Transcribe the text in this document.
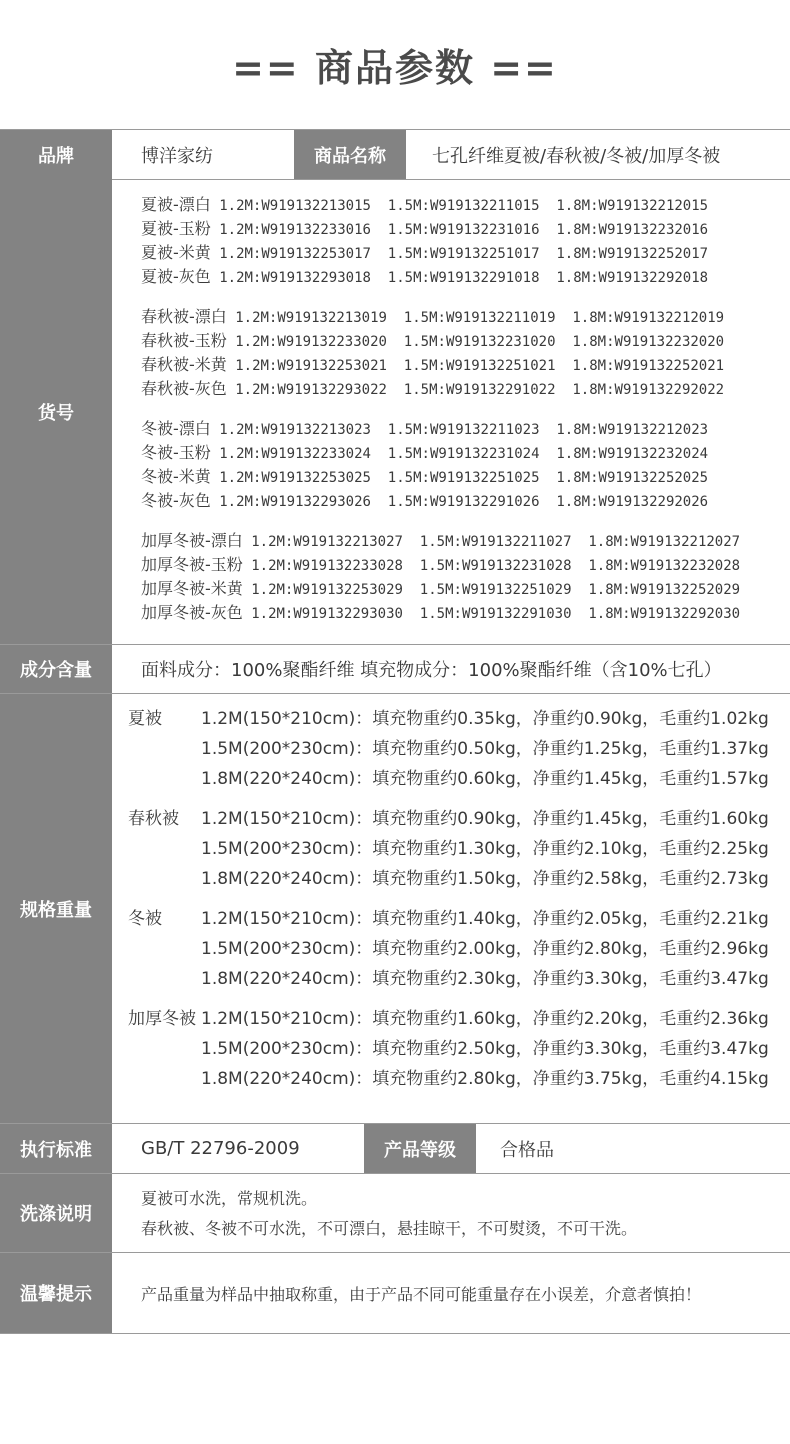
== 商品参数 ==
品牌	博洋家纺	商品名称	七孔纤维夏被/春秋被/冬被/加厚冬被
货号
夏被-漂白 1.2M:W919132213015 1.5M:W919132211015 1.8M:W919132212015
夏被-玉粉 1.2M:W919132233016 1.5M:W919132231016 1.8M:W919132232016
夏被-米黄 1.2M:W919132253017 1.5M:W919132251017 1.8M:W919132252017
夏被-灰色 1.2M:W919132293018 1.5M:W919132291018 1.8M:W919132292018
春秋被-漂白 1.2M:W919132213019 1.5M:W919132211019 1.8M:W919132212019
春秋被-玉粉 1.2M:W919132233020 1.5M:W919132231020 1.8M:W919132232020
春秋被-米黄 1.2M:W919132253021 1.5M:W919132251021 1.8M:W919132252021
春秋被-灰色 1.2M:W919132293022 1.5M:W919132291022 1.8M:W919132292022
冬被-漂白 1.2M:W919132213023 1.5M:W919132211023 1.8M:W919132212023
冬被-玉粉 1.2M:W919132233024 1.5M:W919132231024 1.8M:W919132232024
冬被-米黄 1.2M:W919132253025 1.5M:W919132251025 1.8M:W919132252025
冬被-灰色 1.2M:W919132293026 1.5M:W919132291026 1.8M:W919132292026
加厚冬被-漂白 1.2M:W919132213027 1.5M:W919132211027 1.8M:W919132212027
加厚冬被-玉粉 1.2M:W919132233028 1.5M:W919132231028 1.8M:W919132232028
加厚冬被-米黄 1.2M:W919132253029 1.5M:W919132251029 1.8M:W919132252029
加厚冬被-灰色 1.2M:W919132293030 1.5M:W919132291030 1.8M:W919132292030
成分含量	面料成分：100%聚酯纤维 填充物成分：100%聚酯纤维（含10%七孔）
规格重量
夏被	1.2M(150*210cm)：填充物重约0.35kg，净重约0.90kg，毛重约1.02kg
1.5M(200*230cm)：填充物重约0.50kg，净重约1.25kg，毛重约1.37kg
1.8M(220*240cm)：填充物重约0.60kg，净重约1.45kg，毛重约1.57kg
春秋被	1.2M(150*210cm)：填充物重约0.90kg，净重约1.45kg，毛重约1.60kg
1.5M(200*230cm)：填充物重约1.30kg，净重约2.10kg，毛重约2.25kg
1.8M(220*240cm)：填充物重约1.50kg，净重约2.58kg，毛重约2.73kg
冬被	1.2M(150*210cm)：填充物重约1.40kg，净重约2.05kg，毛重约2.21kg
1.5M(200*230cm)：填充物重约2.00kg，净重约2.80kg，毛重约2.96kg
1.8M(220*240cm)：填充物重约2.30kg，净重约3.30kg，毛重约3.47kg
加厚冬被 1.2M(150*210cm)：填充物重约1.60kg，净重约2.20kg，毛重约2.36kg
1.5M(200*230cm)：填充物重约2.50kg，净重约3.30kg，毛重约3.47kg
1.8M(220*240cm)：填充物重约2.80kg，净重约3.75kg，毛重约4.15kg
执行标准	GB/T 22796-2009	产品等级	合格品
洗涤说明
夏被可水洗，常规机洗。
春秋被、冬被不可水洗，不可漂白，悬挂晾干，不可熨烫，不可干洗。
温馨提示	产品重量为样品中抽取称重，由于产品不同可能重量存在小误差，介意者慎拍！
